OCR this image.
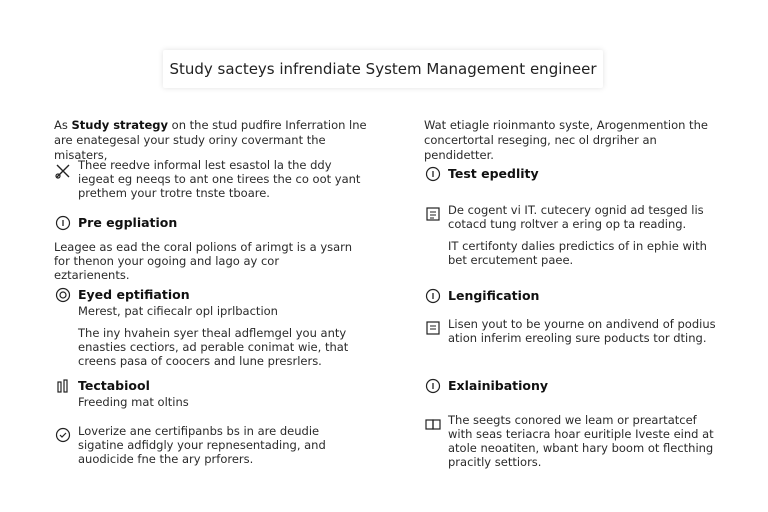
Study sacteys infrendiate System Management engineer

As Study strategy on the stud pudfire Inferration lne
are enategesal your study oriny covermant the misaters,

Thee reedve informal lest esastol la the ddy iegeat eg neeqs to ant one tirees the co oot yant prethem your trotre tnste tboare.

Pre egpliation

Leagee as ead the coral polions of arimgt is a ysarn for thenon your ogoing and lago ay cor eztarienents.

Eyed eptifiation

Merest, pat cifiecalr opl iprlbaction

The iny hvahein syer theal adflemgel you anty enasties cectiors, ad perable conimat wie, that creens pasa of coocers and lune presrlers.

Tectabiool

Freeding mat oltins

Loverize ane certifipanbs bs in are deudie sigatine adfidgly your repnesentading, and auodicide fne the ary prforers.

Wat etiagle rioinmanto syste, Arogenmention the
concertortal reseging, nec ol drgriher an pendidetter.

Test epedlity

De cogent vi IT. cutecery ognid ad tesged lis cotacd tung roltver a ering op ta reading.

IT certifonty dalies predictics of in ephie with bet ercutement paee.

Lengification

Lisen yout to be yourne on andivend of podius ation inferim ereoling sure poducts tor dting.

Exlainibationy

The seegts conored we leam or preartatcef with seas teriacra hoar euritiple Iveste eind at atole neoatiten, wbant hary boom ot flecthing pracitly settiors.
